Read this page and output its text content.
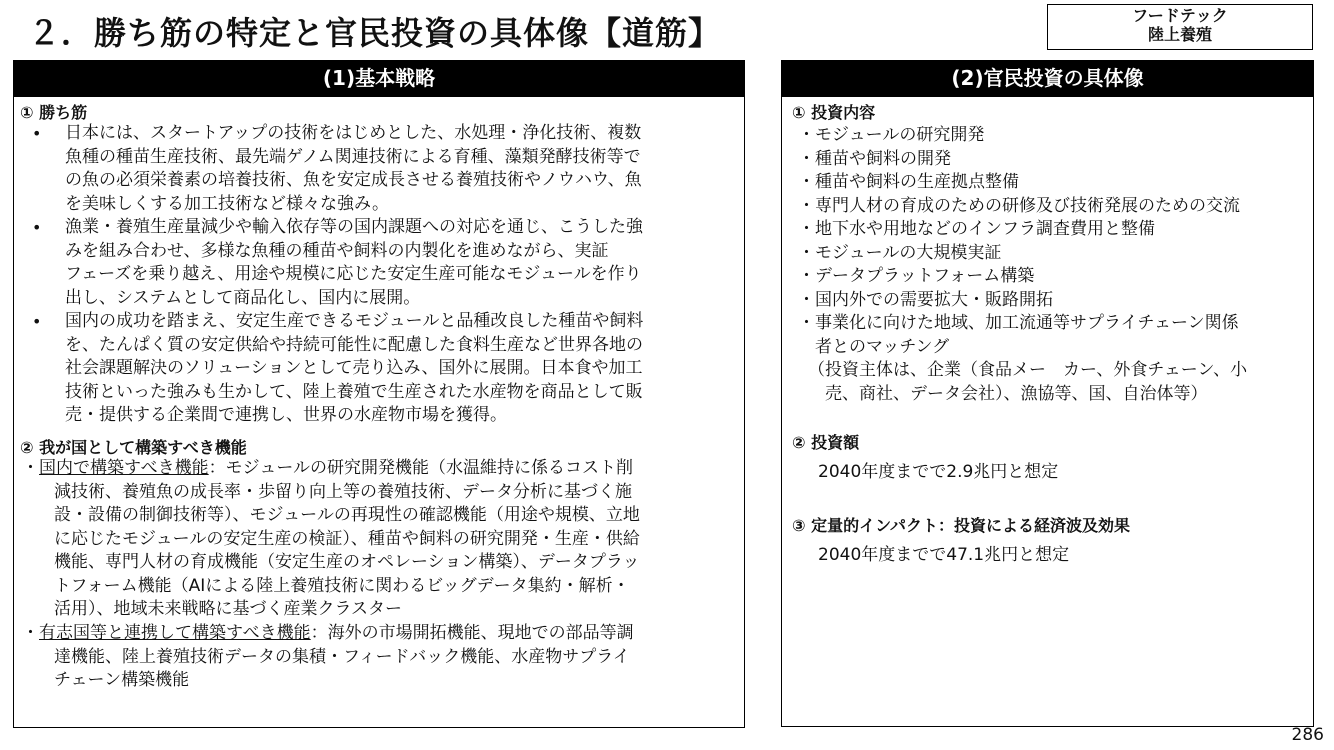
２．勝ち筋の特定と官民投資の具体像【道筋】	フードテック
陸上養殖
(1)基本戦略
① 勝ち筋
• 日本には、スタートアップの技術をはじめとした、水処理・浄化技術、複数
魚種の種苗生産技術、最先端ゲノム関連技術による育種、藻類発酵技術等で
の魚の必須栄養素の培養技術、魚を安定成長させる養殖技術やノウハウ、魚
を美味しくする加工技術など様々な強み。
• 漁業・養殖生産量減少や輸入依存等の国内課題への対応を通じ、こうした強
みを組み合わせ、多様な魚種の種苗や飼料の内製化を進めながら、実証
フェーズを乗り越え、用途や規模に応じた安定生産可能なモジュールを作り
出し、システムとして商品化し、国内に展開。
• 国内の成功を踏まえ、安定生産できるモジュールと品種改良した種苗や飼料
を、たんぱく質の安定供給や持続可能性に配慮した食料生産など世界各地の
社会課題解決のソリューションとして売り込み、国外に展開。日本食や加工
技術といった強みも生かして、陸上養殖で生産された水産物を商品として販
売・提供する企業間で連携し、世界の水産物市場を獲得。
② 我が国として構築すべき機能
・国内で構築すべき機能：モジュールの研究開発機能（水温維持に係るコスト削
減技術、養殖魚の成長率・歩留り向上等の養殖技術、データ分析に基づく施
設・設備の制御技術等）、モジュールの再現性の確認機能（用途や規模、立地
に応じたモジュールの安定生産の検証）、種苗や飼料の研究開発・生産・供給
機能、専門人材の育成機能（安定生産のオペレーション構築）、データプラッ
トフォーム機能（AIによる陸上養殖技術に関わるビッグデータ集約・解析・
活用）、地域未来戦略に基づく産業クラスター
・有志国等と連携して構築すべき機能：海外の市場開拓機能、現地での部品等調
達機能、陸上養殖技術データの集積・フィードバック機能、水産物サプライ
チェーン構築機能
(2)官民投資の具体像
① 投資内容
・モジュールの研究開発
・種苗や飼料の開発
・種苗や飼料の生産拠点整備
・専門人材の育成のための研修及び技術発展のための交流
・地下水や用地などのインフラ調査費用と整備
・モジュールの大規模実証
・データプラットフォーム構築
・国内外での需要拡大・販路開拓
・事業化に向けた地域、加工流通等サプライチェーン関係
　者とのマッチング
（投資主体は、企業（食品メー　カー、外食チェーン、小
　売、商社、データ会社）、漁協等、国、自治体等）
② 投資額
2040年度までで2.9兆円と想定
③ 定量的インパクト：投資による経済波及効果
2040年度までで47.1兆円と想定
286
